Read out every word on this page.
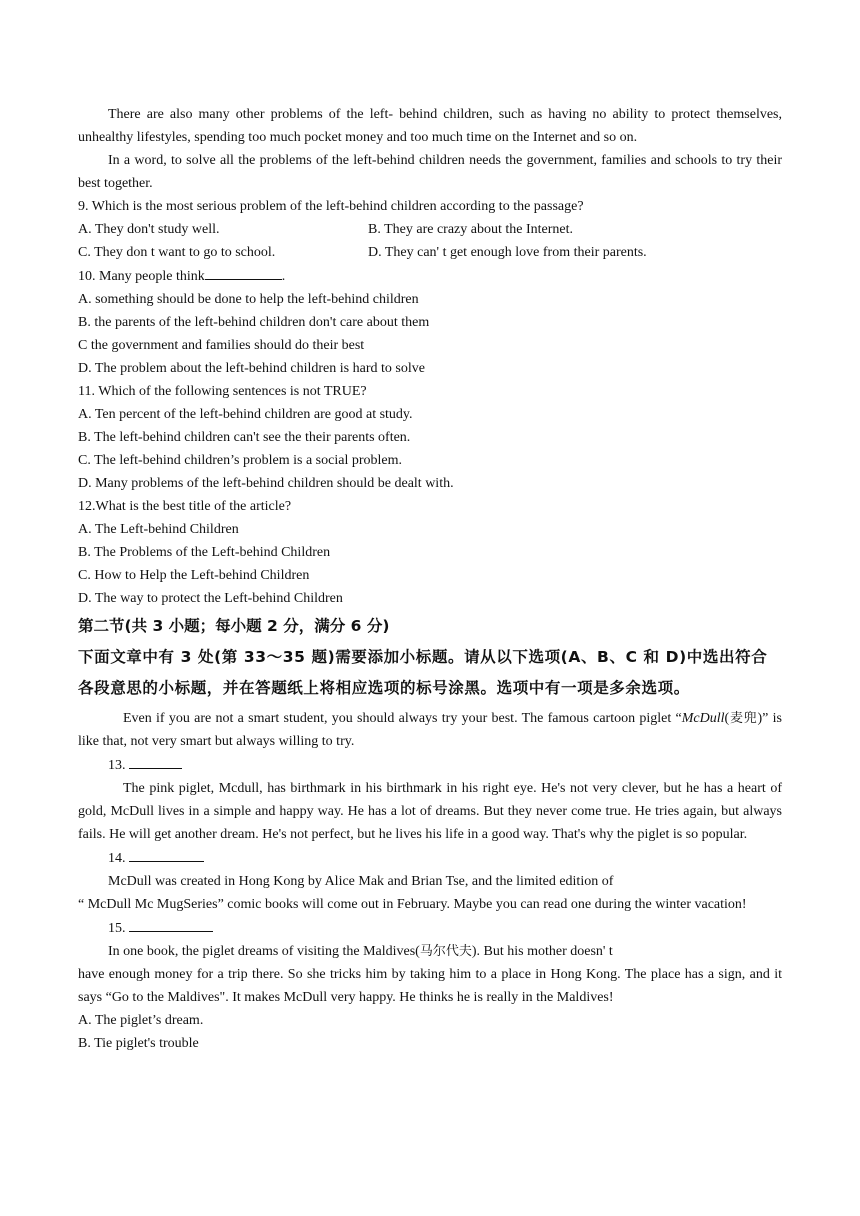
There are also many other problems of the left- behind children, such as having no ability to protect themselves, unhealthy lifestyles, spending too much pocket money and too much time on the Internet and so on.

In a word, to solve all the problems of the left-behind children needs the government, families and schools to try their best together.

9. Which is the most serious problem of the left-behind children according to the passage?

A. They don't study well.	B. They are crazy about the Internet.
C. They don t want to go to school.	D. They can' t get enough love from their parents.

10. Many people think	.

A. something should be done to help the left-behind children

B. the parents of the left-behind children don't care about them

C the government and families should do their best

D. The problem about the left-behind children is hard to solve

11. Which of the following sentences is not TRUE?

A. Ten percent of the left-behind children are good at study.

B. The left-behind children can't see the their parents often.

C. The left-behind children’s problem is a social problem.

D. Many problems of the left-behind children should be dealt with.

12.What is the best title of the article?

A. The Left-behind Children

B. The Problems of the Left-behind Children

C. How to Help the Left-behind Children

D. The way to protect the Left-behind Children

第二节(共 3 小题；每小题 2 分，满分 6 分)

下面文章中有 3 处(第 33～35 题)需要添加小标题。请从以下选项(A、B、C 和 D)中选出符合

各段意思的小标题，并在答题纸上将相应选项的标号涂黑。选项中有一项是多余选项。

Even if you are not a smart student, you should always try your best. The famous cartoon piglet “McDull(麦兜)” is like that, not very smart but always willing to try.

13.

The pink piglet, Mcdull, has birthmark in his birthmark in his right eye. He's not very clever, but he has a heart of gold, McDull lives in a simple and happy way. He has a lot of dreams. But they never come true. He tries again, but always fails. He will get another dream. He's not perfect, but he lives his life in a good way. That's why the piglet is so popular.

14.

McDull was created in Hong Kong by Alice Mak and Brian Tse, and the limited edition of

“ McDull Mc MugSeries” comic books will come out in February. Maybe you can read one during the winter vacation!

15.

In one book, the piglet dreams of visiting the Maldives(马尔代夫). But his mother doesn' t

have enough money for a trip there. So she tricks him by taking him to a place in Hong Kong. The place has a sign, and it says “Go to the Maldives". It makes McDull very happy. He thinks he is really in the Maldives!

A. The piglet’s dream.

B. Tie piglet's trouble
